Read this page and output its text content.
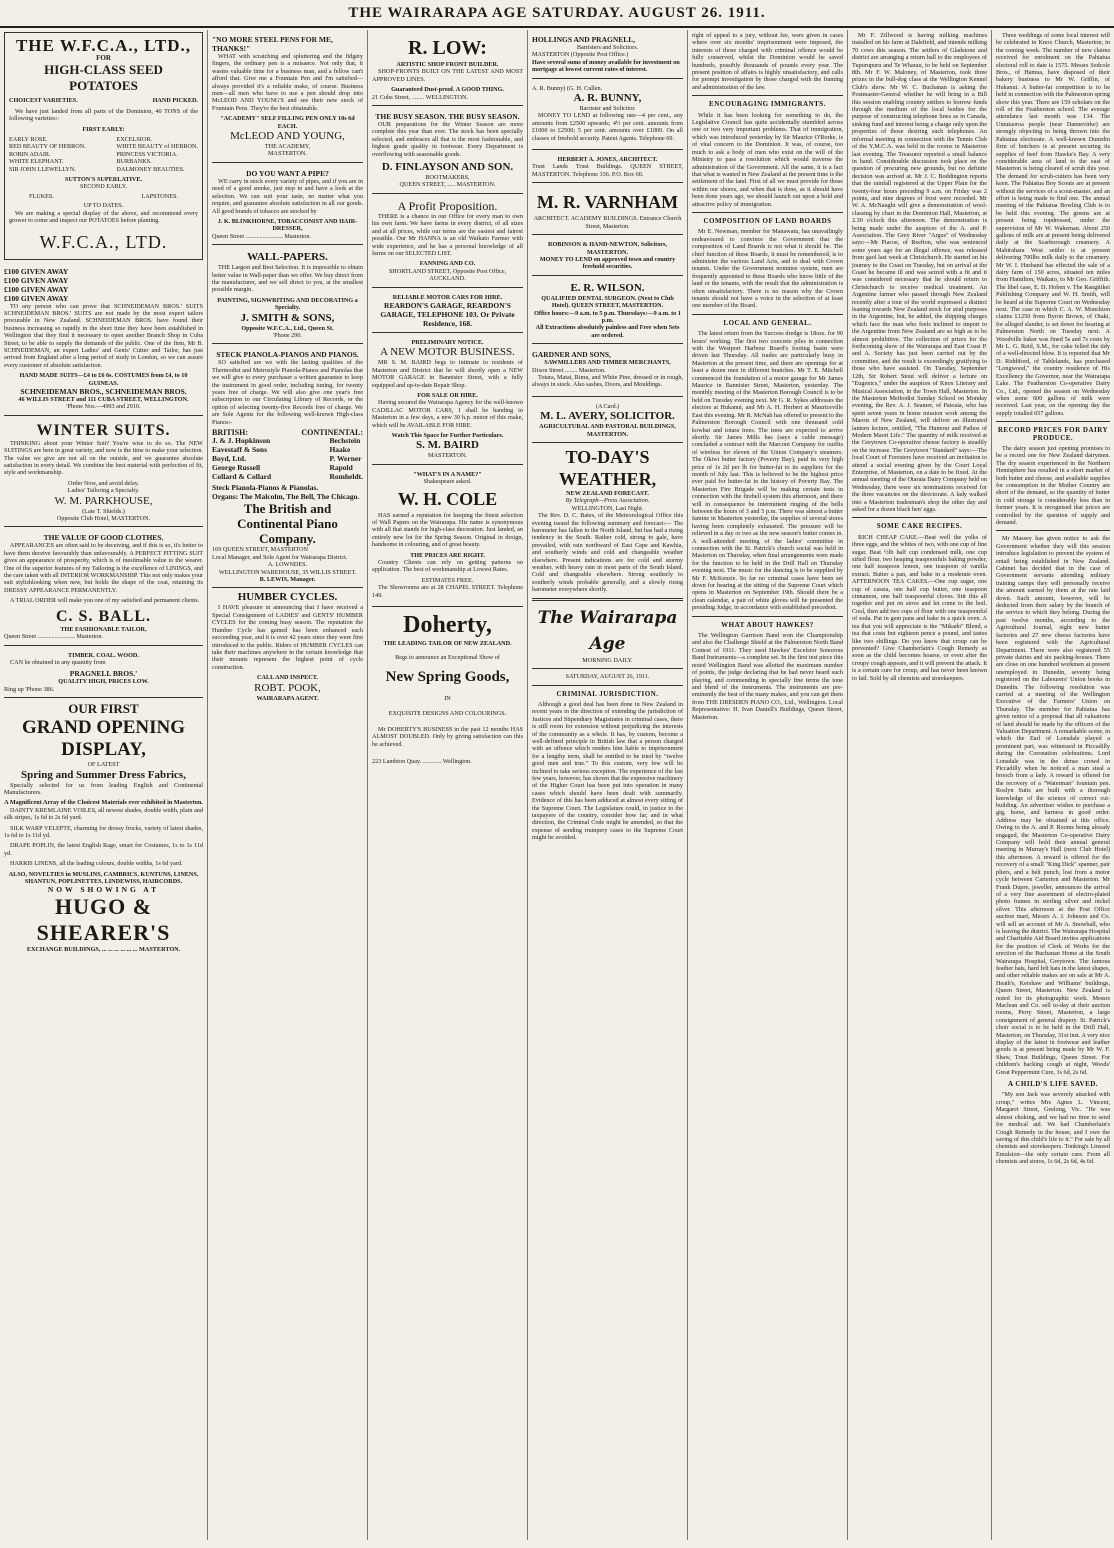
THE WAIRARAPA AGE SATURDAY. AUGUST 26. 1911.
THE W.F.C.A., LTD.,
FOR
HIGH-CLASS SEED POTATOES
CHOICEST VARIETIES.	HAND PICKED.

We have just landed from all parts of the Dominion, 40 TONS of the following varieties:-

FIRST EARLY:
EARLY ROSE.
RED BEAUTY OF HEBRON.
ROBIN ADAIR.
WHITE ELEPHANT.
SIR JOHN LLEWELLYN.
EXCELSIOR.
WHITE BEAUTY of HEBRON.
PRINCESS VICTORIA.
BURBANKS.
DALMONEY BEAUTIES.
SUTTON'S SUPERLATIVE.
SECOND EARLY.
FLUKES.	LAPSTONES.
UP TO DATES.

We are making a special display of the above, and recommend every grower to come and inspect our POTATOES before planting.

W.F.C.A., LTD.
£100 GIVEN AWAY
£100 GIVEN AWAY
£100 GIVEN AWAY
£100 GIVEN AWAY

TO any person who can prove that SCHNEIDEMAN BROS.' SUITS SCHNEIDEMAN BROS.' SUITS are not made by the most expert tailors procurable in New Zealand. SCHNEIDEMAN BROS. have found their business increasing so rapidly in the short time they have been established in Wellington that they find it necessary to open another Branch Shop in Cuba Street, to be able to supply the demands of the public. One of the firm, Mr B. SCHNEIDEMAN, an expert Ladies' and Gents' Cutter and Tailor, has just arrived from England after a long period of study in London, so we can assure every customer of absolute satisfaction.

HAND MADE SUITS—£4 to £6 6s. COSTUMES from £4, to 10 GUINEAS.
SCHNEIDEMAN BROS., SCHNEIDEMAN BROS.
46 WILLIS STREET and 111 CUBA STREET, WELLINGTON.
'Phone Nos.—4993 and 2910.
WINTER SUITS.

THINKING about your Winter Suit? You're wise to do so. The NEW SUITINGS are here in great variety, and now is the time to make your selection. The value we give are not all on the outside, and we guarantee absolute satisfaction in every detail. We combine the best material with perfection of fit, style and workmanship.

Order Now, and avoid delay.
Ladies' Tailoring a Specialty.
W. M. PARKHOUSE,
(Late T. Shields.)
Opposite Club Hotel, MASTERTON.
THE VALUE OF GOOD CLOTHES.

APPEARANCES are often said to be deceiving, and if this is so, it's better to have them deceive favourably than unfavourably. A PERFECT FITTING SUIT gives an appearance of prosperity, which is of inestimable value to the wearer. One of the superior features of my Tailoring is the excellence of LININGS, and the care taken with all INTERIOR WORKMANSHIP. This not only makes your suit stylishlooking when new, but holds the shape of the coat, retaining its DRESSY APPEARANCE PERMANENTLY.

A TRIAL ORDER will make you one of my satisfied and permanent clients.

C. S. BALL.
THE FASHIONABLE TAILOR,
Queen Street ........................ Masterton.
TIMBER. COAL. WOOD.

CAN be obtained in any quantity from

PRAGNELL BROS.'
QUALITY HIGH, PRICES LOW.
Ring up 'Phone 386.
OUR FIRST
GRAND OPENING DISPLAY,
OF LATEST
Spring and Summer Dress Fabrics,

Specially selected for us from leading English and Continental Manufacturers.

A Magnificent Array of the Choicest Materials ever exhibited in Masterton.

DAINTY KREMLAINE VOILES, all newest shades, double width, plain and silk stripes, 1s 6d to 2s 6d yard.

SILK WARP VELEPTE, charming for dressy frocks, variety of latest shades, 1s 6d to 1s 11d yd.

DRAPE POPLIN, the latest English Rage, smart for Costumes, 1s to 1s 11d yd.

HARRIS LINENS, all the leading colours, double widths, 1s 6d yard.

ALSO, NOVELTIES in MUSLINS, CAMBRICS, KUNTUNS, LINENS, SHANTUN, POPLINETTES, LINDEWISS, HAIRCORDS.
NOW SHOWING AT
HUGO & SHEARER'S
EXCHANGE BUILDINGS, ... ... ... ... ... ... MASTERTON.
"NO MORE STEEL PENS FOR ME, THANKS!"

WHAT with scratching and spluttering and the fidgety fingers, the ordinary pen is a nuisance. Not only that, it wastes valuable time for a business man, and a fellow can't afford that. Give me a Fountain Pen and I'm satisfied—always provided it's a reliable make, of course. Business men—all men who have to use a pen should drop into McLEOD AND YOUNG'S and see their new stock of Fountain Pens. They're the best obtainable.

"ACADEMY" SELF FILLING PEN ONLY 10s 6d EACH.
McLEOD AND YOUNG,
THE ACADEMY,
MASTERTON.
DO YOU WANT A PIPE?

WE carry in stock every variety of pipes, and if you are in need of a good smoke, just step in and have a look at the selection. We can suit your taste, no matter what you require, and guarantee absolute satisfaction in all our goods. All good brands of tobacco are stocked by

J. K. BLINKHORNE, TOBACCONIST AND HAIR-DRESSER,
Queen Street ........................ Masterton.
WALL-PAPERS.

THE Largest and Best Selection. It is impossible to obtain better value in Wall-paper than we offer. We buy direct from the manufacturer, and we sell direct to you, at the smallest possible margin.

PAINTING, SIGNWRITING AND DECORATING a Specialty.
J. SMITH & SONS,
Opposite W.F.C.A., Ltd., Queen St.
'Phone 290.
STECK PIANOLA-PIANOS AND PIANOS.

SO satisfied are we with the lasting qualities of the Thermodist and Metrostyle Pianola-Pianos and Pianolas that we will give to every purchaser a written guarantee to keep the instrument in good order, including tuning, for twenty years free of charge. We will also give one year's free subscription to our Circulating Library of Records, or the option of selecting twenty-five Records free of charge. We are Sole Agents for the following well-known High-class Pianos:-

BRITISH:	CONTINENTAL:
J. & J. Hopkinson
Eavestaff & Sons
Boyd, Ltd.
George Russell
Collard & Collard
Bechstein
Haake
P. Werner
Rapold
Romheldt.
Steck Pianola-Pianos & Pianolas.
Organs: The Malcolm, The Bell, The Chicago.
The British and Continental Piano Company.
169 QUEEN STREET, MASTERTON
Local Manager, and Sole Agent for Wairarapa District.
A. LOWNDES.
WELLINGTON WAREHOUSE, 35 WILLIS STREET.
B. LEWIS, Manager.
HUMBER CYCLES.

I HAVE pleasure in announcing that I have received a Special Consignment of LADIES' and GENTS' HUMBER CYCLES for the coming busy season. The reputation the Humber Cycle has gained has been enhanced each succeeding year, and it is over 42 years since they were first introduced to the public. Riders of HUMBER CYCLES can take their machines anywhere in the certain knowledge that their mounts represent the highest point of cycle construction.

CALL AND INSPECT.
ROBT. POOK,
WAIRARAPA AGENT.
R. LOW:
ARTISTIC SHOP FRONT BUILDER.

SHOP-FRONTS BUILT ON THE LATEST AND MOST APPROVED LINES.

Guaranteed Dust-proof. A GOOD THING.
21 Cuba Street, ........ WELLINGTON.
THE BUSY SEASON. THE BUSY SEASON.

OUR preparations for the Winter Season are more complete this year than ever. The stock has been specially selected, and embraces all that is the most fashionable, and highest grade quality in footwear. Every Department is overflowing with seasonable goods.

D. FINLAYSON AND SON.
BOOTMAKERS,
QUEEN STREET, ..... MASTERTON.
A Profit Proposition.

THERE is a chance in our Office for every man to own his own farm. We have farms in every district, of all sizes and at all prices, while our terms are the easiest and fairest possible. Our Mr HANNA is an old Waikato Farmer with wide experience, and he has a personal knowledge of all farms on our SELECTED LIST.

FANNING AND CO.
SHORTLAND STREET, Opposite Post Office, AUCKLAND.
RELIABLE MOTOR CARS FOR HIRE.
REARDON'S GARAGE, REARDON'S GARAGE, TELEPHONE 103. Or Private Residence, 168.
PRELIMINARY NOTICE.
A NEW MOTOR BUSINESS.

MR S. M. BAIRD begs to intimate to residents of Masterton and District that he will shortly open a NEW MOTOR GARAGE in Bannister Street, with a fully equipped and up-to-date Repair Shop.

FOR SALE OR HIRE.

Having secured the Wairarapa Agency for the well-known CADILLAC MOTOR CARS, I shall be handing in Masterton in a few days, a new 30 h.p. motor of this make, which will be AVAILABLE FOR HIRE.

Watch This Space for Further Particulars.
S. M. BAIRD
MASTERTON.
"WHAT'S IN A NAME?"
Shakespeare asked.
W. H. COLE

HAS earned a reputation for keeping the finest selection of Wall Papers on the Wairarapa. His name is synonymous with all that stands for high-class decoration. Just landed, an entirely new lot for the Spring Season. Original in design, handsome in colouring, and of great beauty.

THE PRICES ARE RIGHT.

Country Clients can rely on getting patterns on application. The best of workmanship at Lowest Rates.

ESTIMATES FREE.

The Showrooms are at 28 CHAPEL STREET. Telephone 149.

Doherty,
THE LEADING TAILOR OF NEW ZEALAND.
Begs to announce an Exceptional Show of
New Spring Goods,
IN
EXQUISITE DESIGNS AND COLOURINGS.

Mr DOHERTY'S BUSINESS in the past 12 months HAS ALMOST DOUBLED. Only by giving satisfaction can this be achieved.

223 Lambton Quay. ............ Wellington.
HOLLINGS AND PRAGNELL,
Barristers and Solicitors.
MASTERTON (Opposite Post Office.)
Have several sums of money available for investment on mortgage at lowest current rates of interest.
A. R. Bunny) (G. H. Cullen.
A. R. BUNNY,
Barrister and Solicitor.

MONEY TO LEND at following rate—4 per cent., any amounts from £2500 upwards; 4½ per cent. amounts from £1000 to £2500; 5 per cent. amounts over £1000. On all classes of freehold security. Patent Agents. Telephone 69.

HERBERT A. JONES, ARCHITECT.
Trust Lands Trust Buildings. QUEEN STREET, MASTERTON. Telephone 336. P.O. Box 60.
M. R. VARNHAM
ARCHITECT. ACADEMY BUILDINGS. Entrance Church Street, Masterton.
ROBINSON & HAND-NEWTON, Solicitors, MASTERTON.
MONEY TO LEND on approved town and country freehold securities.
E. R. WILSON.
QUALIFIED DENTAL SURGEON. (Next to Club Hotel). QUEEN STREET, MASTERTON.
Office hours:—9 a.m. to 5 p.m. Thursdays:—9 a.m. to 1 p.m.
All Extractions absolutely painless and Free when Sets are ordered.
GARDNER AND SONS,
SAWMILLERS AND TIMBER MERCHANTS,
Dixon Street ........ Masterton.

Totara, Matai, Rimu, and White Pine, dressed or in rough, always in stock. Also sashes, Doors, and Mouldings.

(A Card.)
M. L. AVERY, SOLICITOR.
AGRICULTURAL AND PASTORAL BUILDINGS, MASTERTON.
TO-DAY'S WEATHER,
NEW ZEALAND FORECAST.
By Telegraph—Press Association.
WELLINGTON, Last Night.

The Rev. D. C. Bates, of the Meteorological Office this evening issued the following summary and forecast:— The barometer has fallen in the North Island, but has had a rising tendency in the South. Rather cold, strong to gale, have prevailed, with rain northward of East Cape and Kawhia, and southerly winds and cold and changeable weather elsewhere. Present indications are for cold and stormy weather, with heavy rain in most parts of the South Island. Cold and changeable elsewhere. Strong southerly to southerly winds probable generally, and a slowly rising barometer everywhere shortly.

The Wairarapa Age
MORNING DAILY.
SATURDAY, AUGUST 26, 1911.
CRIMINAL JURISDICTION.

Although a good deal has been done in New Zealand in recent years in the direction of extending the jurisdiction of Justices and Stipendiary Magistrates in criminal cases, there is still room for extension without prejudicing the interests of the community as a whole. It has, by custom, become a well-defined principle in British law that a person charged with an offence which renders him liable to imprisonment for a lengthy term, shall be entitled to be tried by "twelve good men and true." To this custom, very few will be inclined to take serious exception. The experience of the last few years, however, has shown that the expensive machinery of the Higher Court has been put into operation in many cases which should have been dealt with summarily. Evidence of this has been adduced at almost every sitting of the Supreme Court. The Legislature could, in justice to the taxpayers of the country, consider how far, and in what direction, the Criminal Code might be amended, so that the expense of sending trumpery cases to the Supreme Court might be avoided.

right of appeal to a jury, without fee, were given in cases where over six months' imprisonment were imposed, the interests of those charged with criminal offence would be fully conserved, whilst the Dominion would be saved hundreds, possibly thousands of pounds every year. The present position of affairs is highly unsatisfactory, and calls for prompt investigation by those charged with the framing and administration of the law.

ENCOURAGING IMMIGRANTS.

While it has been looking for something to do, the Legislative Council has quite accidentally stumbled across one or two very important problems. That of immigration, which was introduced yesterday by Sir Maurice O'Rorke, is of vital concern to the Dominion. It was, of course, too much to ask a body of men who exist on the will of the Ministry to pass a resolution which would traverse the administration of the Government. All the same, it is a fact that what is wanted in New Zealand at the present time is the settlement of the land. First of all we must provide for those within our shores, and when that is done, as it should have been done years ago, we should launch out upon a bold and attractive policy of immigration.

COMPOSITION OF LAND BOARDS

Mr E. Newman, member for Manawatu, has unavailingly endeavoured to convince the Government that the composition of Land Boards is not what it should be. The chief function of these Boards, it must be remembered, is to administer the various Land Acts, and to deal with Crown tenants. Under the Government nominee system, men are frequently appointed to these Boards who know little of the land or the tenants, with the result that the administration is often unsatisfactory. There is no reason why the Crown tenants should not have a voice in the selection of at least one member of the Board.

LOCAL AND GENERAL.

The latest return from the Success dredge is 18ozs. for 90 hours' working. The first two concrete piles in connection with the Westport Harbour Board's footing basin were driven last Thursday. All trades are particularly busy in Masterton at the present time, and there are openings for at least a dozen men in different branches. Mr T. E. Mitchell commenced the foundation of a motor garage for Mr James Maurice in Bannister Street, Masterton, yesterday. The monthly meeting of the Masterton Borough Council is to be held on Tuesday evening next. Mr G. R. Sykes addresses the electors at Hukanui, and Mr A. H. Herbert at Mauriceville East this evening. Mr R. McNab has offered to present to the Palmerston Borough Council with one thousand cold kowhai and totara trees. The trees are expected to arrive shortly. Sir James Mills has (says a cable message) concluded a contract with the Marconi Company for outfits of wireless for eleven of the Union Company's steamers. The Okiwi butter factory (Poverty Bay), paid its very high price of 1s 2d per lb for butter-fat to its suppliers for the month of July last. This is believed to be the highest price ever paid for butter-fat in the history of Poverty Bay. The Masterton Fire Brigade will be making certain tests in connection with the firebell system this afternoon, and there will in consequence be intermittent ringing of the bells between the hours of 3 and 5 p.m. There was almost a butter famine in Masterton yesterday, the supplies of several stores having been completely exhausted. The pressure will be relieved in a day or two as the new season's butter comes in. A well-attended meeting of the ladies' committee in connection with the St. Patrick's church social was held in Masterton on Thursday, when final arrangements were made for the function to be held in the Drill Hall on Thursday evening next. The music for the dancing is to be supplied by Mr F. McKenzie. So far no criminal cases have been set down for hearing at the sitting of the Supreme Court which opens in Masterton on September 19th. Should there be a clean calendar, a pair of white gloves will be presented the presiding Judge, in accordance with established precedent.

WHAT ABOUT HAWKES?

The Wellington Garrison Band won the Championship and also the Challenge Shield at the Palmerston North Band Contest of 1911. They used Hawkes' Excelsior Sonorous Band Instruments—a complete set. In the first test piece this noted Wellington Band was allotted the maximum number of points, the judge declaring that he had never heard such playing, and commending in specially fine terms the tone and blend of the instruments. The instruments are pre-eminently the best of the many makes, and you can get them from THE DRESDEN PIANO CO., Ltd., Wellington. Local Representative: H. Ivan Daniell's Buildings, Queen Street, Masterton.

Mr F. Zillwood is having milking machines installed on his farm at Dalefield, and intends milking 70 cows this season. The settlers of Gladstone and district are arranging a return ball to the employees of Tupurupuru and Te Wharau, to be held on September 8th. Mr F. W. Maloney, of Masterton, took three prizes in the bull-dog class at the Wellington Kennel Club's show. Mr W. C. Buchanan is asking the Postmaster-General whether he will bring in a Bill this session enabling country settlers to borrow funds through the medium of the local bodies for the purpose of constructing telephone lines as in Canada, sinking fund and interest being a charge only upon the properties of those desiring such telephones. An informal meeting in connection with the Tennis Club of the Y.M.C.A. was held in the rooms in Masterton last evening. The Treasurer reported a small balance in hand. Considerable discussion took place on the question of procuring new grounds, but no definite decision was arrived at. Mr J. C. Boddington reports that the rainfall registered at the Upper Plain for the twenty-four hours preceding 9 a.m. on Friday was 2 points, and nine degrees of frost were recorded. Mr W. A. McNaught will give a demonstration of wool-classing by chart in the Dominion Hall, Masterton, at 2.30 o'clock this afternoon. The demonstration is being made under the auspices of the A. and P. Association. The Grey River "Argus" of Wednesday says:—Mr Piacoe, of Reefton, who was sentenced some years ago for an illegal offence, was released from gaol last week at Christchurch. He started on his journey to the Coast on Tuesday, but on arrival at the Coast he became ill and was seized with a fit and it was considered necessary that he should return to Christchurch to receive medical treatment. An Argentine farmer who passed through New Zealand recently after a tour of the world expressed a distinct leaning towards New Zealand stock for stud purposes in the Argentine, but, he added, the shipping charges which face the man who feels inclined to import to the Argentine from New Zealand are so high as to be almost prohibitive. The collection of prizes for the forthcoming show of the Wairarapa and East Coast P. and A. Society has just been carried out by the committee, and the result is exceedingly gratifying to those who have assisted. On Tuesday, September 12th, Sir Robert Stout will deliver a lecture on "Eugenics," under the auspices of Knox Literary and Musical Association, in the Town Hall, Masterton. In the Masterton Methodist Sunday School on Monday evening, the Rev. A. J. Seamer, of Patoaia, who has spent seven years in home mission work among the Maoris of New Zealand, will deliver an illustrated lantern lecture, entitled, "The Humour and Pathos of Modern Maori Life." The quantity of milk received at the Greytown Co-operative cheese factory is steadily on the increase. The Greytown "Standard" says:—The local Court of Foresters have received an invitation to attend a social evening given by the Court Loyal Enterprise, of Masterton, on a date to be fixed. At the annual meeting of the Otaraia Dairy Company held on Wednesday, there were six nominations received for the three vacancies on the directorate. A lady walked into a Masterton tradesman's shop the other day and asked for a dozen black hen' eggs.

SOME CAKE RECIPES.

RICH CHEAP CAKE.—Beat well the yolks of three eggs, and the whites of two, with one cup of fine sugar. Beat ½lb half cup condensed milk, one cup sifted flour, two heaping teaspoonfuls baking powder, one half teaspoon lemon, one teaspoon of vanilla extract. Butter a pan, and bake in a moderate oven. AFTERNOON TEA CAKES.—One cup sugar, one cup of cassia, one half cup butter, one teaspoon cinnamon, one half teaspoonful cloves. Stir this all together and put on stove and let come to the boil. Cool, then add two cups of flour with one teaspoonful of soda. Put in gem pans and bake in a quick oven. A tea that you will appreciate is the "Mikado" Blend, a tea that costs but eighteen pence a pound, and tastes like two shillings. Do you know that croup can be prevented? Give Chamberlain's Cough Remedy as soon as the child becomes hoarse, or even after the croupy cough appears, and it will prevent the attack. It is a certain cure for croup, and has never been known to fail. Sold by all chemists and storekeepers.

Three weddings of some local interest will be celebrated in Knox Church, Masterton, in the coming week. The number of new claims received for enrolment on the Pahiatua electoral roll to date is 1575. Messrs Sedcole Bros., of Hamua, have disposed of their bakery business to Mr W. Griffin, of Hukanui. A butter-fat competition is to be held in connection with the Palmerston spring show this year. There are 159 scholars on the roll of the Featherston school. The average attendance last month was 134. The Umutaoroa people (near Dannevirke) are strongly objecting to being thrown into the Pahiatua electorate. A well-known Dunedin firm of butchers is at present securing its supplies of beef from Hawke's Bay. A very considerable area of land to the east of Masterton is being cleared of scrub this year. The demand for scrub-cutters has been very keen. The Pahiatua Boy Scouts are at present without the services of a scout-master, and an effort is being made to find one. The annual meeting of the Pahiatua Bowling Club is to be held this evening. The greens are at present being topdressed, under the supervision of Mr W. Wakeman. About 250 gallons of milk are at present being delivered daily at the Scarborough creamery. A Mahirahara West settler is at present delivering 700lbs milk daily to the creamery. Mr W. I. Husband has effected the sale of a dairy farm of 150 acres, situated ten miles from Hamilton, Waikato, to Mr Geo. Griffith. The libel case, E. D. Hoben v. The Rangitikei Publishing Company and W. H. Smith, will be heard at the Supreme Court on Wednesday next. The case in which C. A. W. Monckton claims £1250 from Byron Brown, of Otaki, for alleged slander, is set down for hearing at Palmerston North on Tuesday next. A Woodville baker was fined 5s and 7s costs by Mr L. G. Reid, S.M., for cake felled the tidy of a well-directed blow. It is reported that Mr D. Riddiford, of Tablelands, has purchased "Longwood," the country residence of His Excellency the Governor, near the Wairarapa Lake. The Featherston Co-operative Dairy Co., Ltd., opened the season on Wednesday when some 600 gallons of milk were received. Last year, on the opening day the supply totalled 657 gallons.

RECORD PRICES FOR DAIRY PRODUCE.

The dairy season just opening promises to be a record one for New Zealand dairymen. The dry season experienced in the Northern Hemisphere has resulted in a short market of both butter and cheese, and available supplies for consumption in the Mother Country are short of the demand, so the quantity of butter in cold storage is considerably less than in former years. It is recognised that prices are controlled by the question of supply and demand.

Mr Massey has given notice to ask the Government whether they will this session introduce legislation to prevent the system of entail being established in New Zealand. Cabinet has decided that in the case of Government servants attending military training camps they will personally receive the amount earned by them at the rate laid down. Such amount, however, will be deducted from their salary by the branch of the service to which they belong. During the past twelve months, according to the Agricultural Journal, eight new butter factories and 27 new cheese factories have been registered with the Agricultural Department. There were also registered 55 private dairies and six packing-houses. There are close on one hundred workmen at present unemployed in Dunedin, seventy being registered on the Labourers' Union books in Dunedin. The following resolution was carried at a meeting of the Wellington Executive of the Farmers' Union on Thursday. The member for Pahiatua has given notice of a proposal that all valuations of land should be made by the officers of the Valuation Department. A remarkable scene, in which the Earl of Lonsdale played a prominent part, was witnessed in Piccadilly during the Coronation celebrations. Lord Lonsdale was in the dense crowd in Piccadilly when he noticed a man steal a brooch from a lady. A reward is offered for the recovery of a "Waterman" fountain pen. Roslyn Suits are built with a thorough knowledge of the science of correct cut-building. An advertiser wishes to purchase a gig, horse, and harness in good order. Address may be obtained at this office. Owing to the A. and P. Rooms being already engaged, the Masterton Co-operative Dairy Company will hold their annual general meeting in Murray's Hall (next Club Hotel) this afternoon. A reward is offered for the recovery of a small "King Dick" spanner, pair pliers, and a belt punch, lost from a motor cycle between Carterton and Masterton. Mr Frank Dupre, jeweller, announces the arrival of a very fine assortment of electro-plated photo frames in sterling silver and nickel silver. This afternoon at the Post Office auction mart, Messrs A. J. Johnson and Co. will sell an account of Mr A. Snowball, who is leaving the district. The Wairarapa Hospital and Charitable Aid Board invites applications for the position of Clerk of Works for the erection of the Buchanan Home at the South Wairarapa Hospital, Greytown. The famous feather hats, hard felt hats in the latest shapes, and other reliable makes are on sale at Mr A. Heath's, Kershaw and Williams' buildings, Queen Street, Masterton. New Zealand is noted for its photographic work. Messrs Maclean and Co. sell to-day at their auction rooms, Perry Street, Masterton, a large consignment of general drapery. St. Patrick's choir social is to be held in the Drill Hall, Masterton, on Thursday, 31st inst. A very nice display of the latest in footwear and leather goods is at present being made by Mr W. F. Shaw, Trust Buildings, Queen Street. For children's hacking cough at night, Woods' Great Peppermint Cure, 1s 6d, 2s 6d.

A CHILD'S LIFE SAVED.

"My son Jack was severely attacked with croup," writes Mrs Agnes L. Vincent, Margaret Street, Geelong, Vic. "He was almost choking, and we had no time to send for medical aid. We had Chamberlain's Cough Remedy in the house, and I owe the saving of this child's life to it." For sale by all chemists and storekeepers. Tonking's Linseed Emulsion—the only certain cure. From all chemists and stores, 1s 6d, 2s 6d, 4s 6d.
